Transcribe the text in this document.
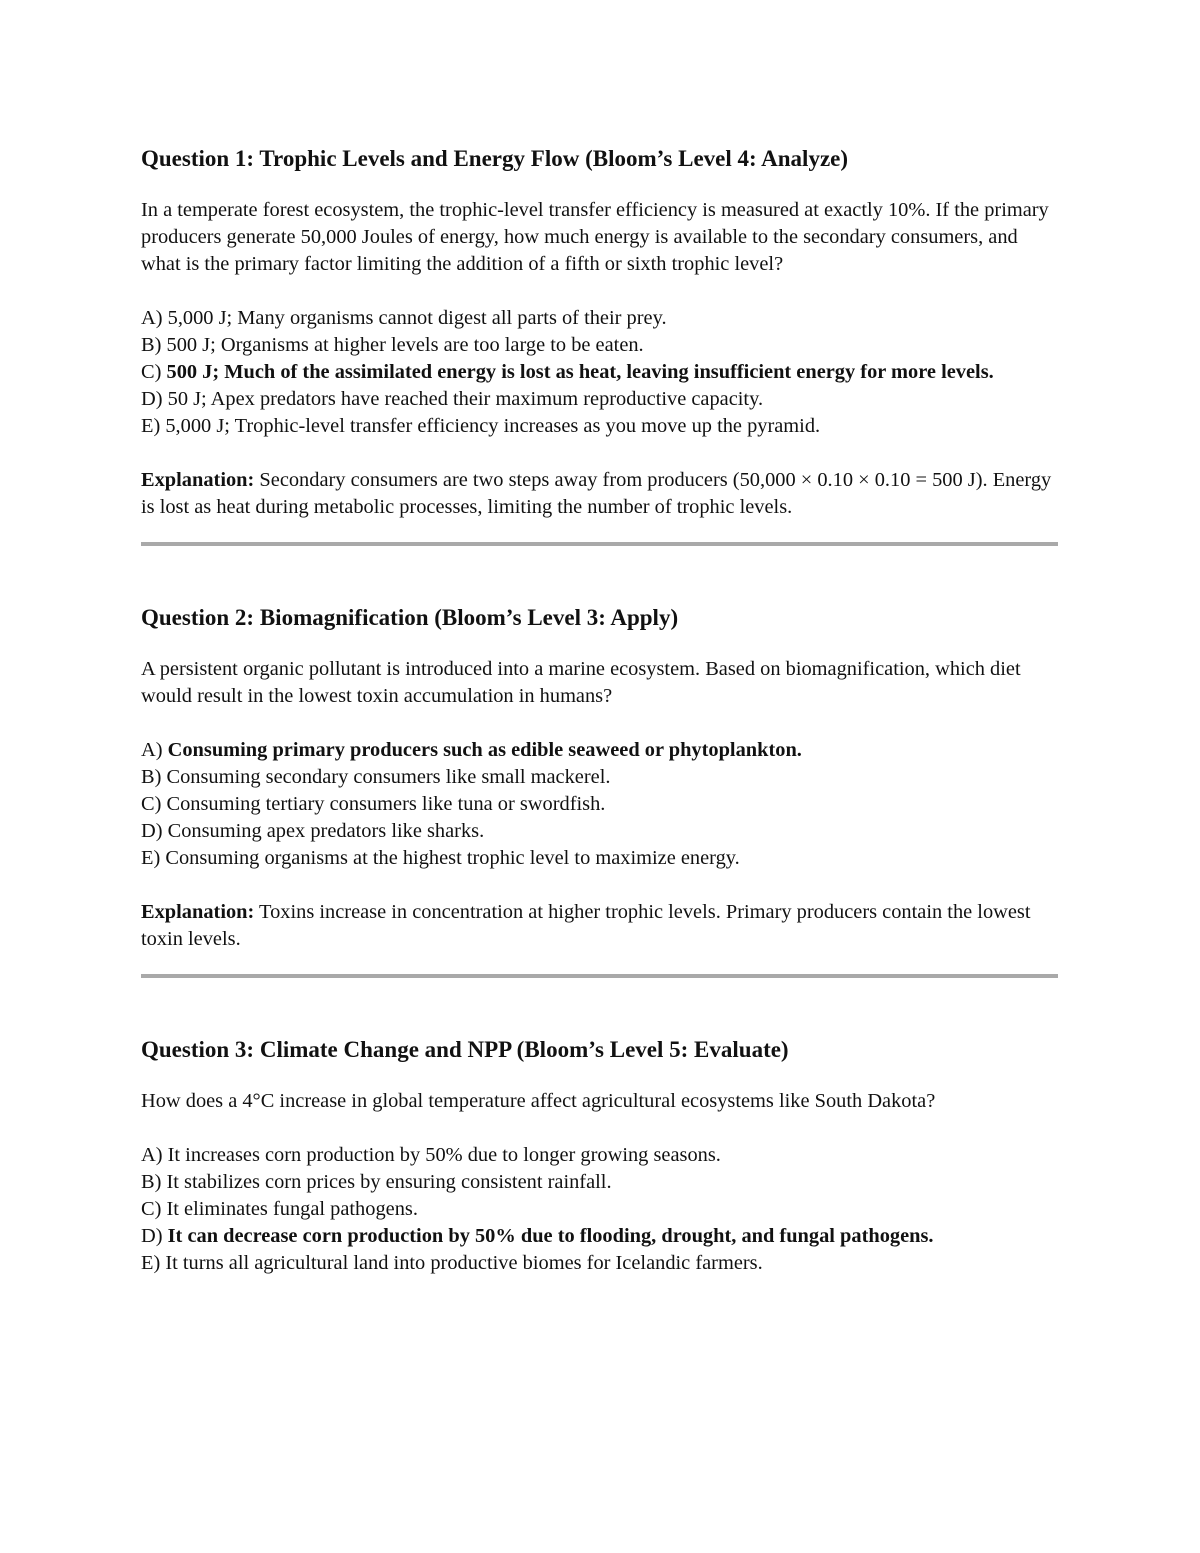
Question 1: Trophic Levels and Energy Flow (Bloom’s Level 4: Analyze)

In a temperate forest ecosystem, the trophic-level transfer efficiency is measured at exactly 10%. If the primary producers generate 50,000 Joules of energy, how much energy is available to the secondary consumers, and what is the primary factor limiting the addition of a fifth or sixth trophic level?

A) 5,000 J; Many organisms cannot digest all parts of their prey.

B) 500 J; Organisms at higher levels are too large to be eaten.

C) 500 J; Much of the assimilated energy is lost as heat, leaving insufficient energy for more levels.

D) 50 J; Apex predators have reached their maximum reproductive capacity.

E) 5,000 J; Trophic-level transfer efficiency increases as you move up the pyramid.

Explanation: Secondary consumers are two steps away from producers (50,000 × 0.10 × 0.10 = 500 J). Energy is lost as heat during metabolic processes, limiting the number of trophic levels.

Question 2: Biomagnification (Bloom’s Level 3: Apply)

A persistent organic pollutant is introduced into a marine ecosystem. Based on biomagnification, which diet would result in the lowest toxin accumulation in humans?

A) Consuming primary producers such as edible seaweed or phytoplankton.

B) Consuming secondary consumers like small mackerel.

C) Consuming tertiary consumers like tuna or swordfish.

D) Consuming apex predators like sharks.

E) Consuming organisms at the highest trophic level to maximize energy.

Explanation: Toxins increase in concentration at higher trophic levels. Primary producers contain the lowest toxin levels.

Question 3: Climate Change and NPP (Bloom’s Level 5: Evaluate)

How does a 4°C increase in global temperature affect agricultural ecosystems like South Dakota?

A) It increases corn production by 50% due to longer growing seasons.

B) It stabilizes corn prices by ensuring consistent rainfall.

C) It eliminates fungal pathogens.

D) It can decrease corn production by 50% due to flooding, drought, and fungal pathogens.

E) It turns all agricultural land into productive biomes for Icelandic farmers.
